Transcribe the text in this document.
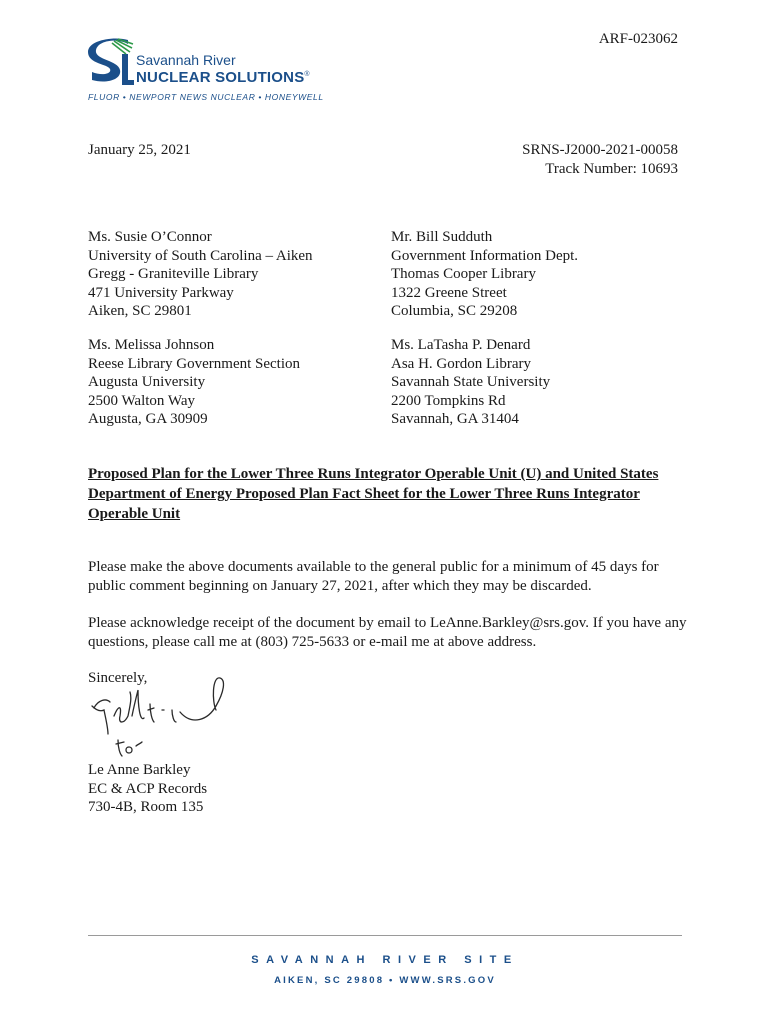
ARF-023062
Savannah River
NUCLEAR SOLUTIONS®
FLUOR • NEWPORT NEWS NUCLEAR • HONEYWELL
January 25, 2021	SRNS-J2000-2021-00058
Track Number: 10693
Ms. Susie O’Connor
University of South Carolina – Aiken
Gregg - Graniteville Library
471 University Parkway
Aiken, SC 29801
Mr. Bill Sudduth
Government Information Dept.
Thomas Cooper Library
1322 Greene Street
Columbia, SC 29208
Ms. Melissa Johnson
Reese Library Government Section
Augusta University
2500 Walton Way
Augusta, GA 30909
Ms. LaTasha P. Denard
Asa H. Gordon Library
Savannah State University
2200 Tompkins Rd
Savannah, GA 31404
Proposed Plan for the Lower Three Runs Integrator Operable Unit (U) and United States Department of Energy Proposed Plan Fact Sheet for the Lower Three Runs Integrator Operable Unit
Please make the above documents available to the general public for a minimum of 45 days for public comment beginning on January 27, 2021, after which they may be discarded.
Please acknowledge receipt of the document by email to LeAnne.Barkley@srs.gov. If you have any questions, please call me at (803) 725-5633 or e-mail me at above address.
Sincerely,
Le Anne Barkley
EC & ACP Records
730-4B, Room 135
SAVANNAH RIVER SITE
AIKEN, SC 29808 • WWW.SRS.GOV
